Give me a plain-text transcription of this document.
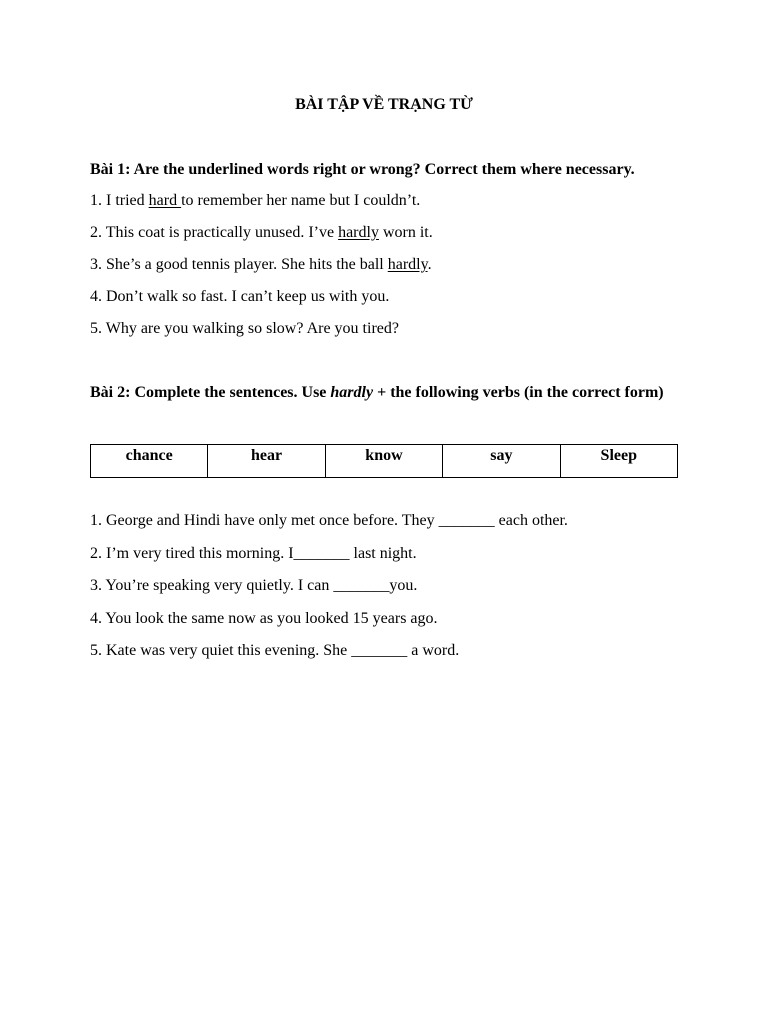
BÀI TẬP VỀ TRẠNG TỪ

Bài 1: Are the underlined words right or wrong? Correct them where necessary.

1. I tried hard to remember her name but I couldn’t.

2. This coat is practically unused. I’ve hardly worn it.

3. She’s a good tennis player. She hits the ball hardly.

4. Don’t walk so fast. I can’t keep us with you.

5. Why are you walking so slow? Are you tired?

Bài 2: Complete the sentences. Use hardly + the following verbs (in the correct form)

chance	hear	know	say	Sleep

1. George and Hindi have only met once before. They _______ each other.

2. I’m very tired this morning. I_______ last night.

3. You’re speaking very quietly. I can _______you.

4. You look the same now as you looked 15 years ago.

5. Kate was very quiet this evening. She _______ a word.
